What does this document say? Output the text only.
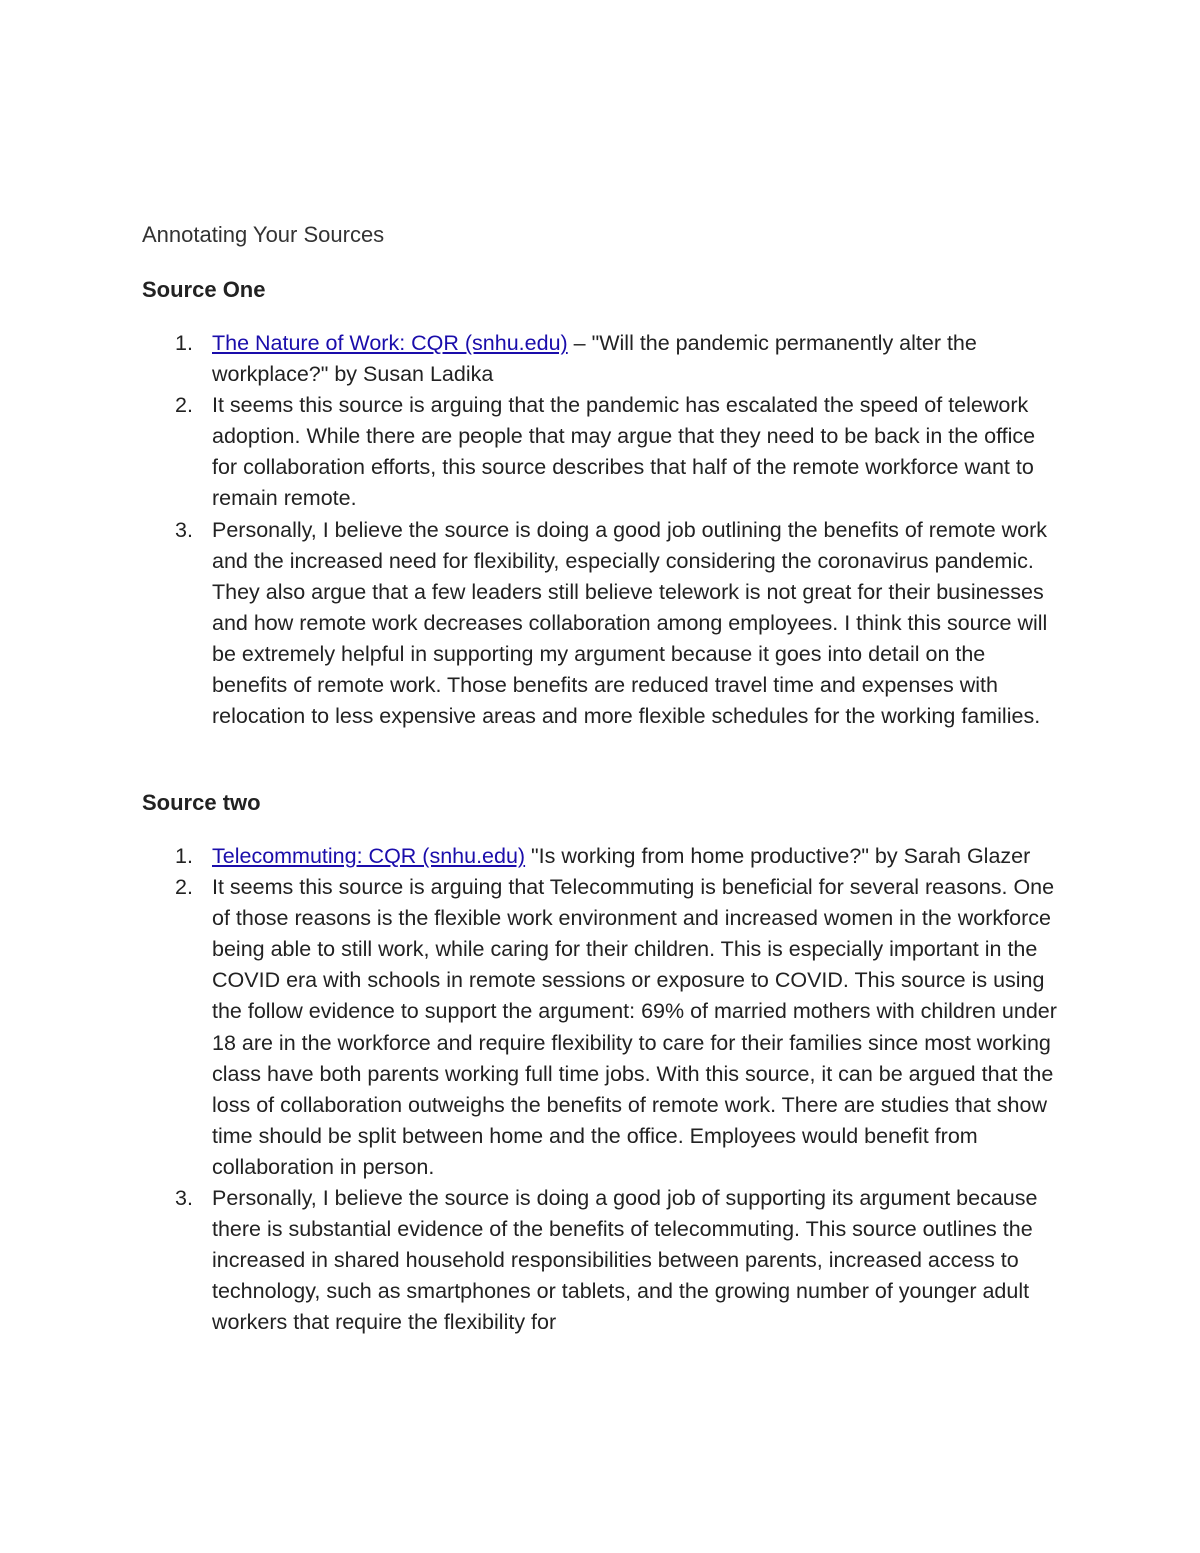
Annotating Your Sources
Source One
1. The Nature of Work: CQR (snhu.edu) – "Will the pandemic permanently alter the workplace?" by Susan Ladika
2. It seems this source is arguing that the pandemic has escalated the speed of telework adoption. While there are people that may argue that they need to be back in the office for collaboration efforts, this source describes that half of the remote workforce want to remain remote.
3. Personally, I believe the source is doing a good job outlining the benefits of remote work and the increased need for flexibility, especially considering the coronavirus pandemic. They also argue that a few leaders still believe telework is not great for their businesses and how remote work decreases collaboration among employees. I think this source will be extremely helpful in supporting my argument because it goes into detail on the benefits of remote work. Those benefits are reduced travel time and expenses with relocation to less expensive areas and more flexible schedules for the working families.
Source two
1. Telecommuting: CQR (snhu.edu) "Is working from home productive?" by Sarah Glazer
2. It seems this source is arguing that Telecommuting is beneficial for several reasons. One of those reasons is the flexible work environment and increased women in the workforce being able to still work, while caring for their children. This is especially important in the COVID era with schools in remote sessions or exposure to COVID. This source is using the follow evidence to support the argument: 69% of married mothers with children under 18 are in the workforce and require flexibility to care for their families since most working class have both parents working full time jobs. With this source, it can be argued that the loss of collaboration outweighs the benefits of remote work. There are studies that show time should be split between home and the office. Employees would benefit from collaboration in person.
3. Personally, I believe the source is doing a good job of supporting its argument because there is substantial evidence of the benefits of telecommuting. This source outlines the increased in shared household responsibilities between parents, increased access to technology, such as smartphones or tablets, and the growing number of younger adult workers that require the flexibility for
